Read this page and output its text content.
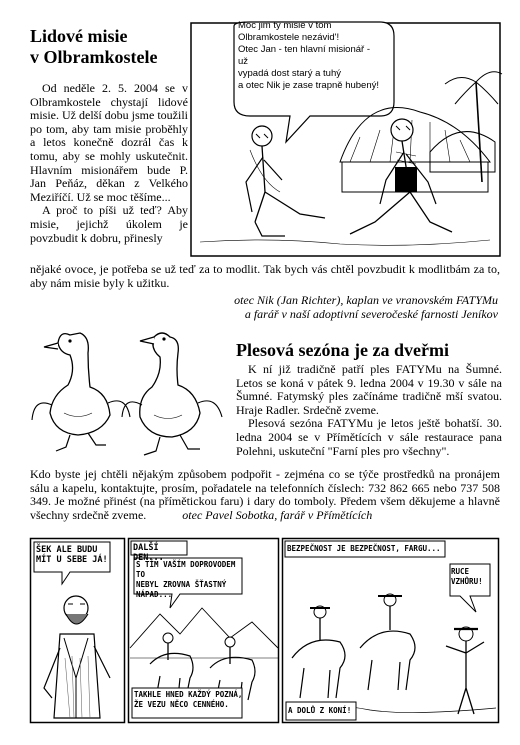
Lidové misie
v Olbramkostele

Od neděle 2. 5. 2004 se v Olbramkostele chystají lidové misie. Už delší dobu jsme toužili po tom, aby tam misie proběhly a letos konečně dozrál čas k tomu, aby se mohly uskutečnit. Hlavním misionářem bude P. Jan Peňáz, děkan z Velkého Meziříčí. Už se moc těšíme...

A proč to píši už teď? Aby misie, jejichž úkolem je povzbudit k dobru, přinesly

nějaké ovoce, je potřeba se už teď za to modlit. Tak bych vás chtěl povzbudit k modlitbám za to, aby nám misie byly k užitku.
otec Nik (Jan Richter), kaplan ve vranovském FATYMu
a farář v naší adoptivní severočeské farnosti Jeníkov
Moc jim ty misie v tom
Olbramkostele nezávid'!
Otec Jan - ten hlavní misionář - už
vypadá dost starý a tuhý
a otec Nik je zase trapně hubený!
Plesová sezóna je za dveřmi

K ní již tradičně patří ples FATYMu na Šumné. Letos se koná v pátek 9. ledna 2004 v 19.30 v sále na Šumné. Fatymský ples začínáme tradičně mší svatou. Hraje Radler. Srdečně zveme.

Plesová sezóna FATYMu je letos ještě bohatší. 30. ledna 2004 se v Přímětících v sále restaurace pana Polehni, uskuteční "Farní ples pro všechny".

Kdo byste jej chtěli nějakým způsobem podpořit - zejména co se týče prostředků na pronájem sálu a kapelu, kontaktujte, prosím, pořadatele na telefonních číslech: 732 862 665 nebo 737 508 349. Je možné přinést (na přímětickou faru) i dary do tomboly. Předem všem děkujeme a hlavně všechny srdečně zveme.	otec Pavel Sobotka, farář v Přímětících
ŠEK ALE BUDU
MÍT U SEBE JÁ!
DALŠÍ DEN...
S TÍM VAŠÍM DOPROVODEM TO
NEBYL ZROVNA ŠŤASTNÝ
NÁPAD...
TAKHLE HNED KAŽDÝ POZNÁ,
ŽE VEZU NĚCO CENNÉHO.
BEZPEČNOST JE BEZPEČNOST, FARGU...
RUCE
VZHŮRU!
A DOLŮ Z KONÍ!
